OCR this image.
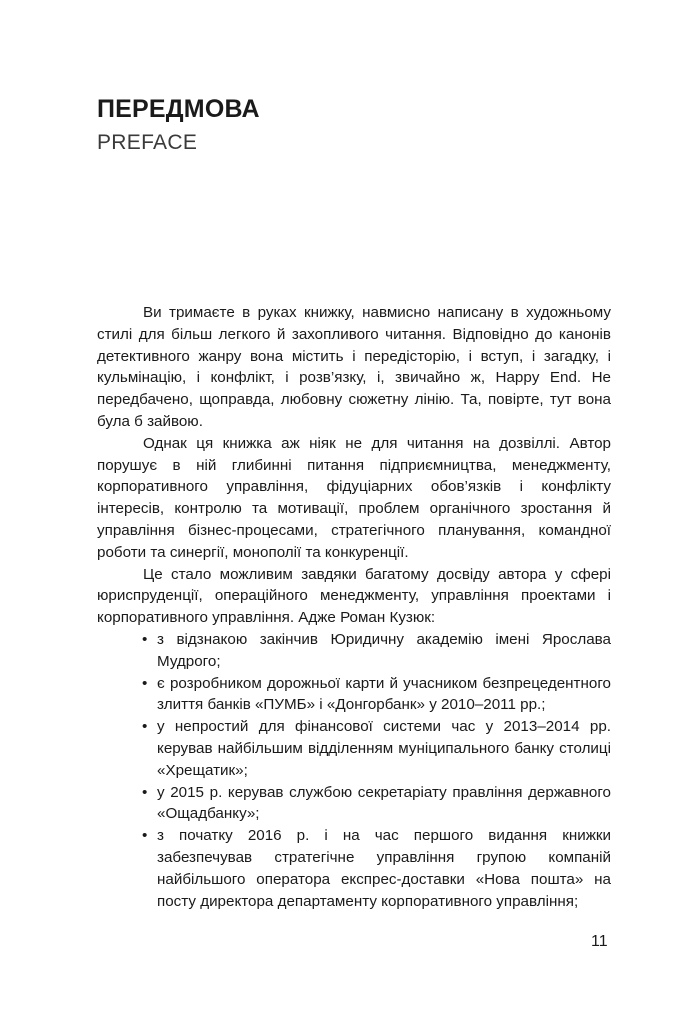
ПЕРЕДМОВА
PREFACE

Ви тримаєте в руках книжку, навмисно написану в художньому стилі для більш легкого й захопливого читання. Відповідно до канонів детективного жанру вона містить і передісторію, і вступ, і загадку, і кульмінацію, і конфлікт, і розв’язку, і, звичайно ж, Happy End. Не передбачено, щоправда, любовну сюжетну лінію. Та, повірте, тут вона була б зайвою.

Однак ця книжка аж ніяк не для читання на дозвіллі. Автор порушує в ній глибинні питання підприємництва, менеджменту, корпоративного управління, фідуціарних обов’язків і конфлікту інтересів, контролю та мотивації, проблем органічного зростання й управління бізнес-процесами, стратегічного планування, командної роботи та синергії, монополії та конкуренції.

Це стало можливим завдяки багатому досвіду автора у сфері юриспруденції, операційного менеджменту, управління проектами і корпоративного управління. Адже Роман Кузюк:

• з відзнакою закінчив Юридичну академію імені Ярослава Мудрого;
• є розробником дорожньої карти й учасником безпрецедентного злиття банків «ПУМБ» і «Донгорбанк» у 2010–2011 рр.;
• у непростий для фінансової системи час у 2013–2014 рр. керував найбільшим відділенням муніципального банку столиці «Хрещатик»;
• у 2015 р. керував службою секретаріату правління державного «Ощадбанку»;
• з початку 2016 р. і на час першого видання книжки забезпечував стратегічне управління групою компаній найбільшого оператора експрес-доставки «Нова пошта» на посту директора департаменту корпоративного управління;
11
